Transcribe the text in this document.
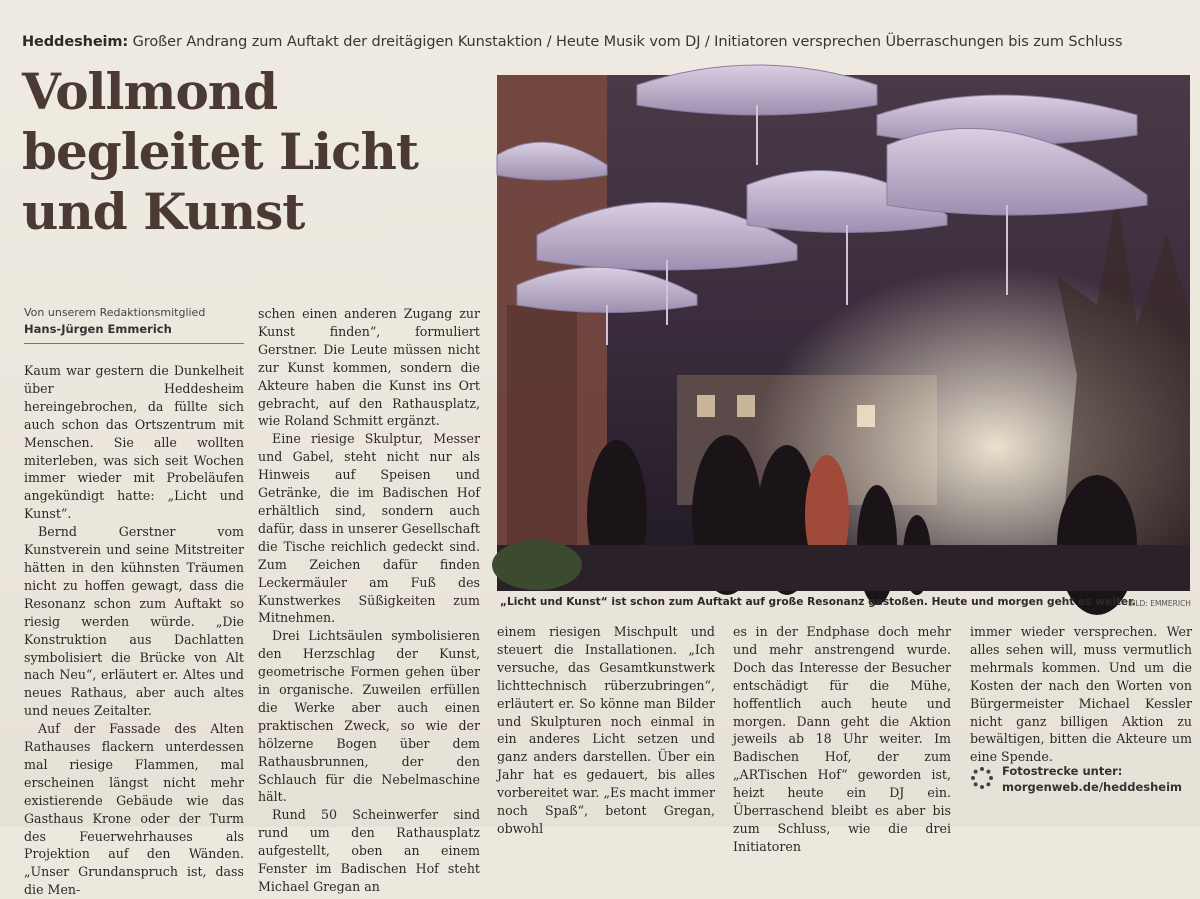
Heddesheim: Großer Andrang zum Auftakt der dreitägigen Kunstaktion / Heute Musik vom DJ / Initiatoren versprechen Überraschungen bis zum Schluss
Vollmond
begleitet Licht
und Kunst
Von unserem Redaktionsmitglied
Hans-Jürgen Emmerich

Kaum war gestern die Dunkelheit über Heddesheim hereingebrochen, da füllte sich auch schon das Ortszentrum mit Menschen. Sie alle wollten miterleben, was sich seit Wochen immer wieder mit Probeläufen angekündigt hatte: „Licht und Kunst“.

Bernd Gerstner vom Kunstverein und seine Mitstreiter hätten in den kühnsten Träumen nicht zu hoffen gewagt, dass die Resonanz schon zum Auftakt so riesig werden würde. „Die Konstruktion aus Dachlatten symbolisiert die Brücke von Alt nach Neu“, erläutert er. Altes und neues Rathaus, aber auch altes und neues Zeitalter.

Auf der Fassade des Alten Rathauses flackern unterdessen mal riesige Flammen, mal erscheinen längst nicht mehr existierende Gebäude wie das Gasthaus Krone oder der Turm des Feuerwehrhauses als Projektion auf den Wänden. „Unser Grundanspruch ist, dass die Men-

schen einen anderen Zugang zur Kunst finden“, formuliert Gerstner. Die Leute müssen nicht zur Kunst kommen, sondern die Akteure haben die Kunst ins Ort gebracht, auf den Rathausplatz, wie Roland Schmitt ergänzt.

Eine riesige Skulptur, Messer und Gabel, steht nicht nur als Hinweis auf Speisen und Getränke, die im Badischen Hof erhältlich sind, sondern auch dafür, dass in unserer Gesellschaft die Tische reichlich gedeckt sind. Zum Zeichen dafür finden Leckermäuler am Fuß des Kunstwerkes Süßigkeiten zum Mitnehmen.

Drei Lichtsäulen symbolisieren den Herzschlag der Kunst, geometrische Formen gehen über in organische. Zuweilen erfüllen die Werke aber auch einen praktischen Zweck, so wie der hölzerne Bogen über dem Rathausbrunnen, der den Schlauch für die Nebelmaschine hält.

Rund 50 Scheinwerfer sind rund um den Rathausplatz aufgestellt, oben an einem Fenster im Badischen Hof steht Michael Gregan an

„Licht und Kunst“ ist schon zum Auftakt auf große Resonanz gestoßen. Heute und morgen geht es weiter.
BILD: EMMERICH

einem riesigen Mischpult und steuert die Installationen. „Ich versuche, das Gesamtkunstwerk lichttechnisch rüberzubringen“, erläutert er. So könne man Bilder und Skulpturen noch einmal in ein anderes Licht setzen und ganz anders darstellen. Über ein Jahr hat es gedauert, bis alles vorbereitet war. „Es macht immer noch Spaß“, betont Gregan, obwohl

es in der Endphase doch mehr und mehr anstrengend wurde. Doch das Interesse der Besucher entschädigt für die Mühe, hoffentlich auch heute und morgen. Dann geht die Aktion jeweils ab 18 Uhr weiter. Im Badischen Hof, der zum „ARTischen Hof“ geworden ist, heizt heute ein DJ ein. Überraschend bleibt es aber bis zum Schluss, wie die drei Initiatoren

immer wieder versprechen. Wer alles sehen will, muss vermutlich mehrmals kommen. Und um die Kosten der nach den Worten von Bürgermeister Michael Kessler nicht ganz billigen Aktion zu bewältigen, bitten die Akteure um eine Spende.

Fotostrecke unter:
morgenweb.de/heddesheim
